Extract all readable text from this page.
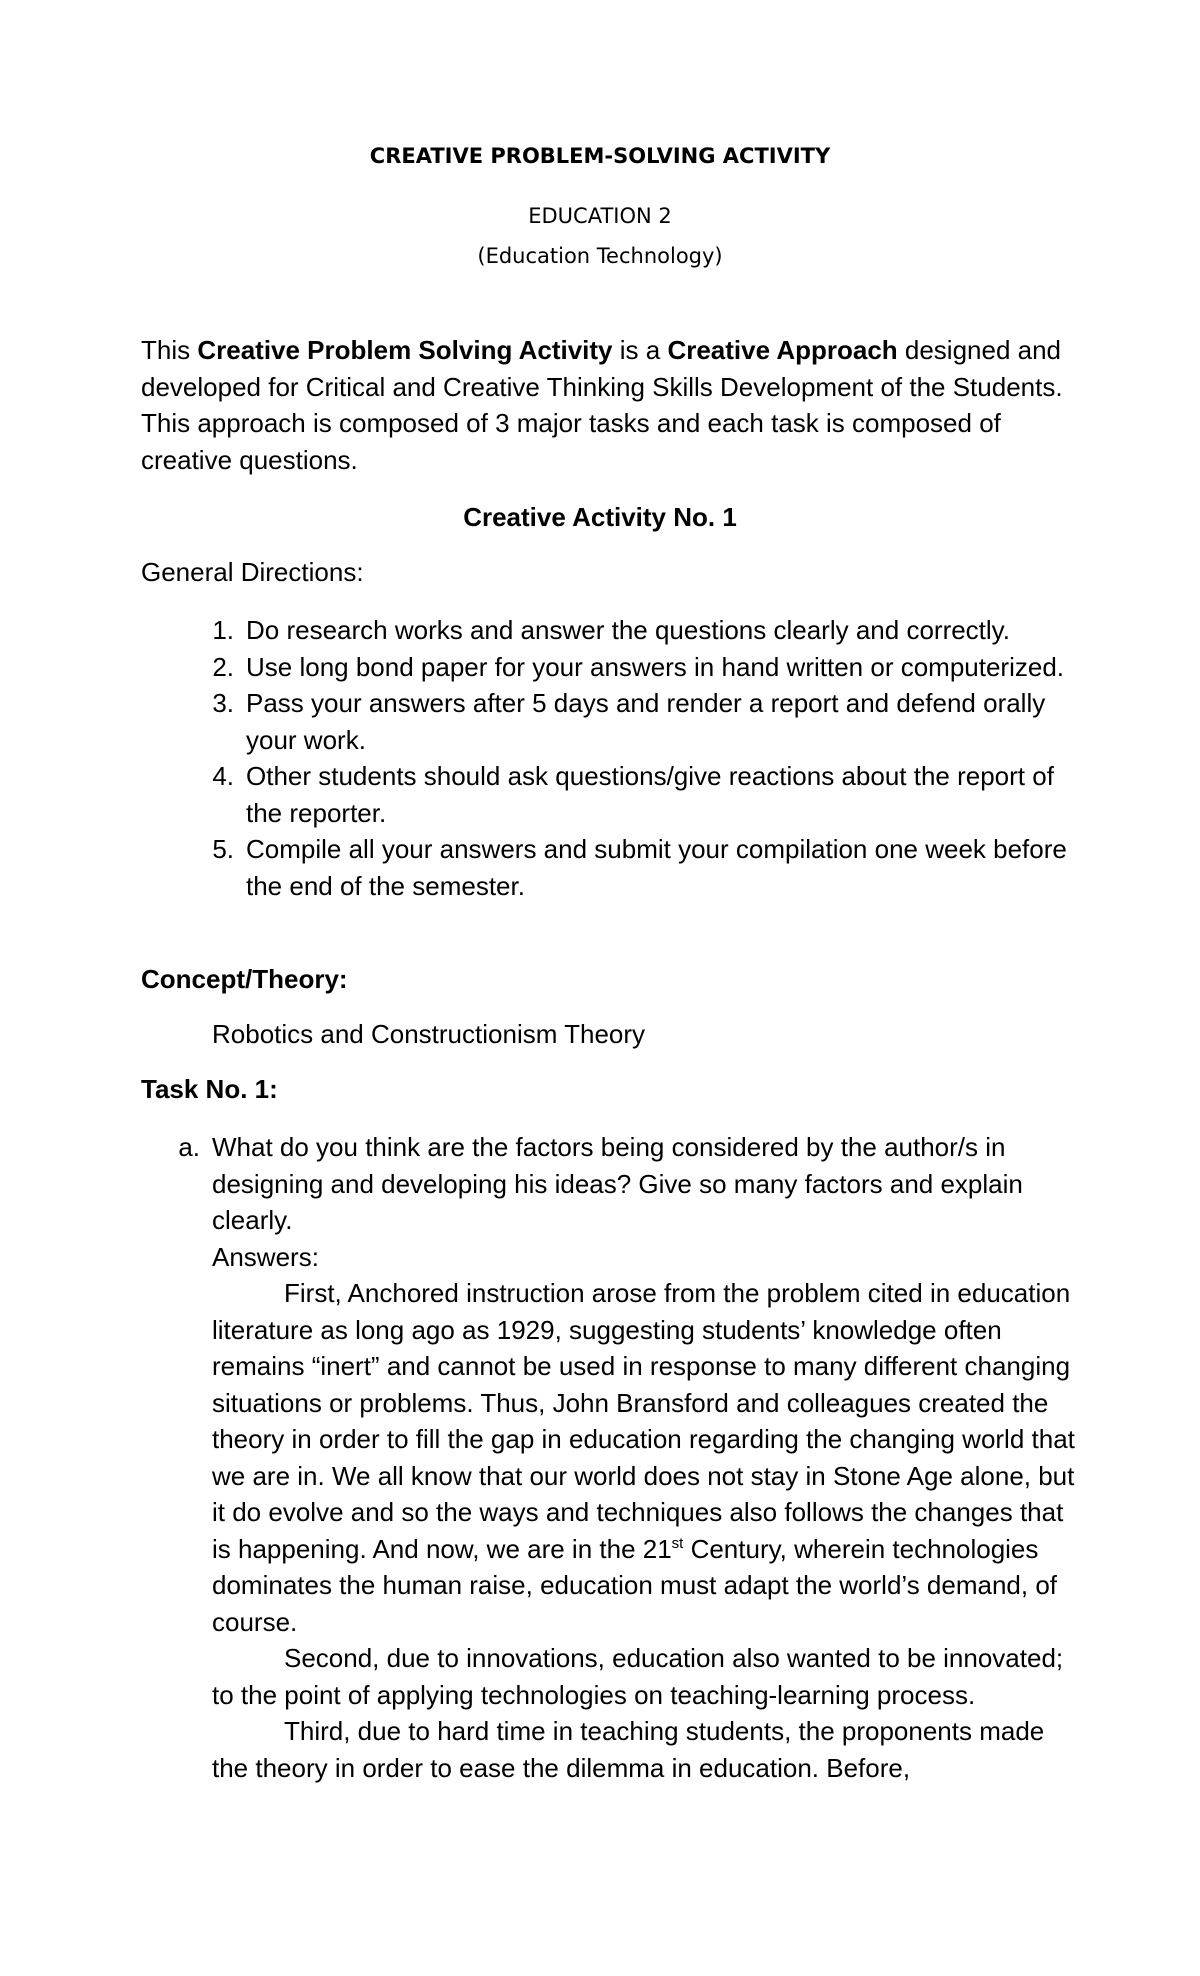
CREATIVE PROBLEM-SOLVING ACTIVITY
EDUCATION 2
(Education Technology)

This Creative Problem Solving Activity is a Creative Approach designed and developed for Critical and Creative Thinking Skills Development of the Students. This approach is composed of 3 major tasks and each task is composed of creative questions.

Creative Activity No. 1
General Directions:
1. Do research works and answer the questions clearly and correctly.
2. Use long bond paper for your answers in hand written or computerized.
3. Pass your answers after 5 days and render a report and defend orally your work.
4. Other students should ask questions/give reactions about the report of the reporter.
5. Compile all your answers and submit your compilation one week before the end of the semester.
Concept/Theory:
Robotics and Constructionism Theory
Task No. 1:
a. What do you think are the factors being considered by the author/s in designing and developing his ideas? Give so many factors and explain clearly.
Answers:

First, Anchored instruction arose from the problem cited in education literature as long ago as 1929, suggesting students’ knowledge often remains “inert” and cannot be used in response to many different changing situations or problems. Thus, John Bransford and colleagues created the theory in order to fill the gap in education regarding the changing world that we are in. We all know that our world does not stay in Stone Age alone, but it do evolve and so the ways and techniques also follows the changes that is happening. And now, we are in the 21st Century, wherein technologies dominates the human raise, education must adapt the world’s demand, of course.

Second, due to innovations, education also wanted to be innovated; to the point of applying technologies on teaching-learning process.

Third, due to hard time in teaching students, the proponents made the theory in order to ease the dilemma in education. Before,
